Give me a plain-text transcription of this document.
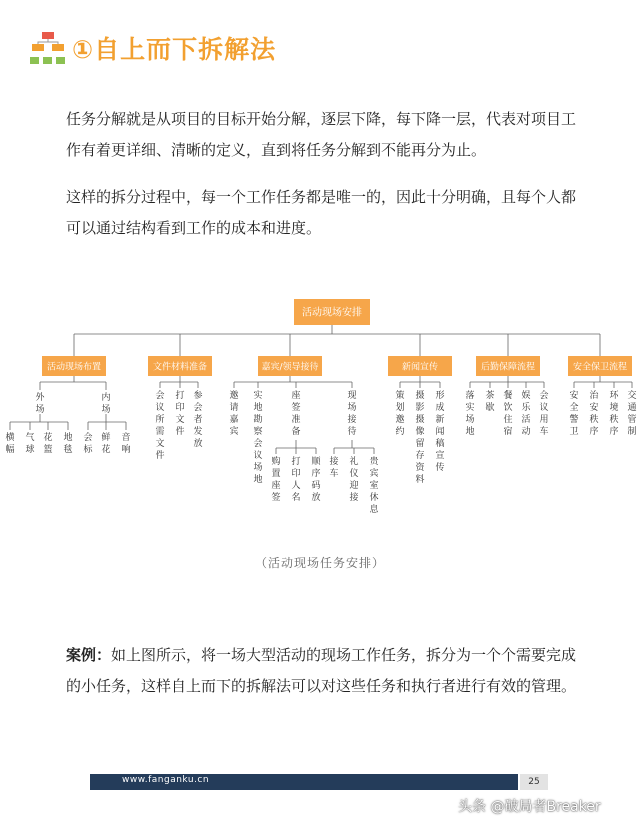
①自上而下拆解法
任务分解就是从项目的目标开始分解，逐层下降，每下降一层，代表对项目工作有着更详细、清晰的定义，直到将任务分解到不能再分为止。
这样的拆分过程中，每一个工作任务都是唯一的，因此十分明确，且每个人都可以通过结构看到工作的成本和进度。
活动现场安排
活动现场布置	文件材料准备	嘉宾/领导接待	新闻宣传	后勤保障流程	安全保卫流程
外场
内场
横幅
气球
花篮
地毯
会标
鲜花
音响
会议所需文件
打印文件
参会者发放
策划邀约
摄影摄像留存资料
形成新闻稿宣传
落实场地
茶歇
餐饮住宿
娱乐活动
会议用车
安全警卫
治安秩序
环境秩序
交通管制
邀请嘉宾
实地勘察会议场地
座签准备
现场接待
购置座签
打印人名
顺序码放
接车
礼仪迎接
贵宾室休息
（活动现场任务安排）
案例：如上图所示，将一场大型活动的现场工作任务，拆分为一个个需要完成的小任务，这样自上而下的拆解法可以对这些任务和执行者进行有效的管理。
www.fanganku.cn	25
头条 @破局者Breaker
